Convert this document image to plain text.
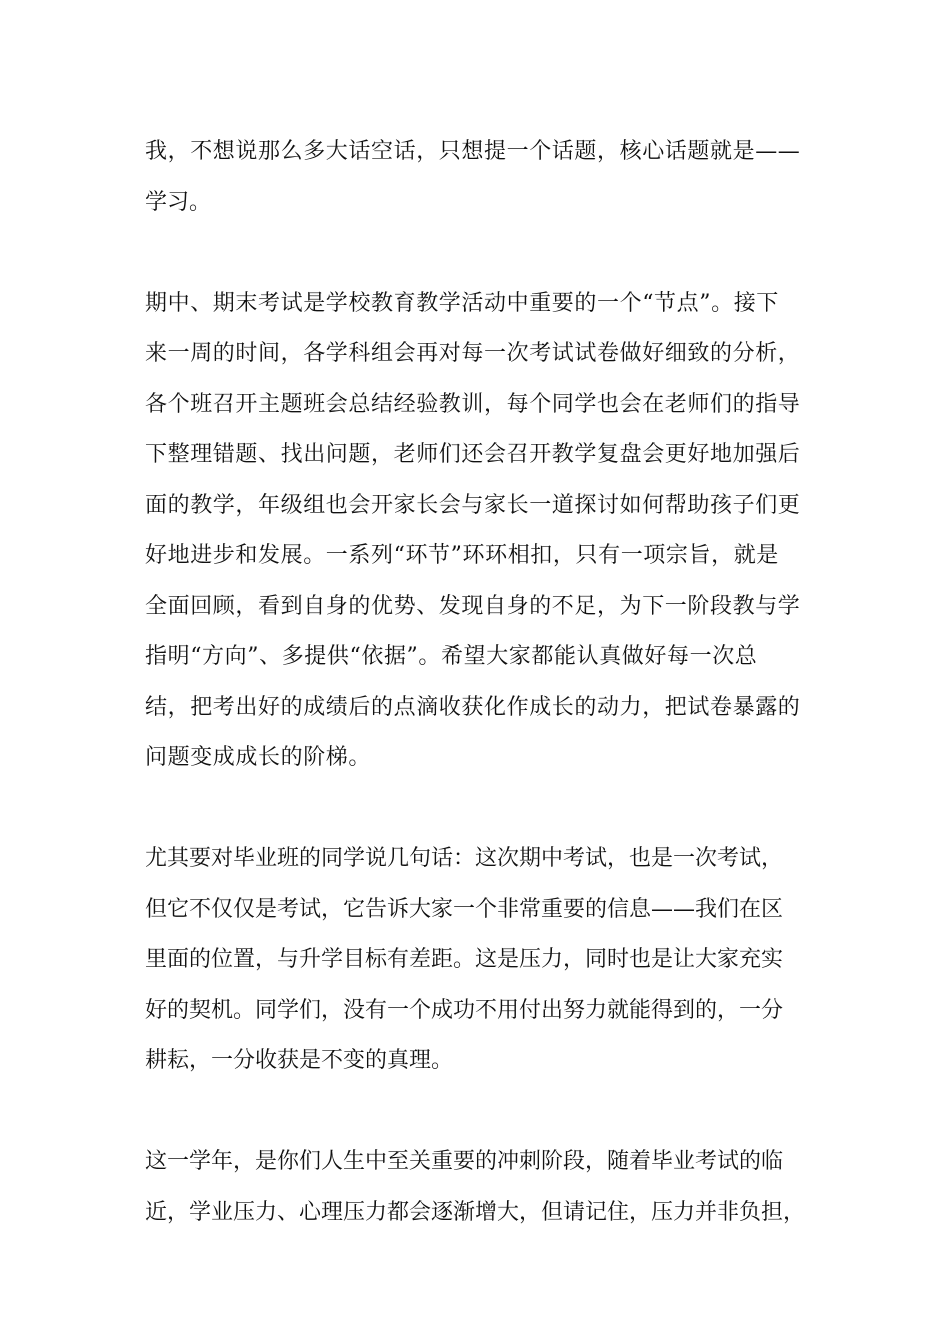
我，不想说那么多大话空话，只想提一个话题，核心话题就是——
学习。
期中、期末考试是学校教育教学活动中重要的一个“节点”。接下
来一周的时间，各学科组会再对每一次考试试卷做好细致的分析，
各个班召开主题班会总结经验教训，每个同学也会在老师们的指导
下整理错题、找出问题，老师们还会召开教学复盘会更好地加强后
面的教学，年级组也会开家长会与家长一道探讨如何帮助孩子们更
好地进步和发展。一系列“环节”环环相扣，只有一项宗旨，就是
全面回顾，看到自身的优势、发现自身的不足，为下一阶段教与学
指明“方向”、多提供“依据”。希望大家都能认真做好每一次总
结，把考出好的成绩后的点滴收获化作成长的动力，把试卷暴露的
问题变成成长的阶梯。
尤其要对毕业班的同学说几句话：这次期中考试，也是一次考试，
但它不仅仅是考试，它告诉大家一个非常重要的信息——我们在区
里面的位置，与升学目标有差距。这是压力，同时也是让大家充实
好的契机。同学们，没有一个成功不用付出努力就能得到的，一分
耕耘，一分收获是不变的真理。
这一学年，是你们人生中至关重要的冲刺阶段，随着毕业考试的临
近，学业压力、心理压力都会逐渐增大，但请记住，压力并非负担，
